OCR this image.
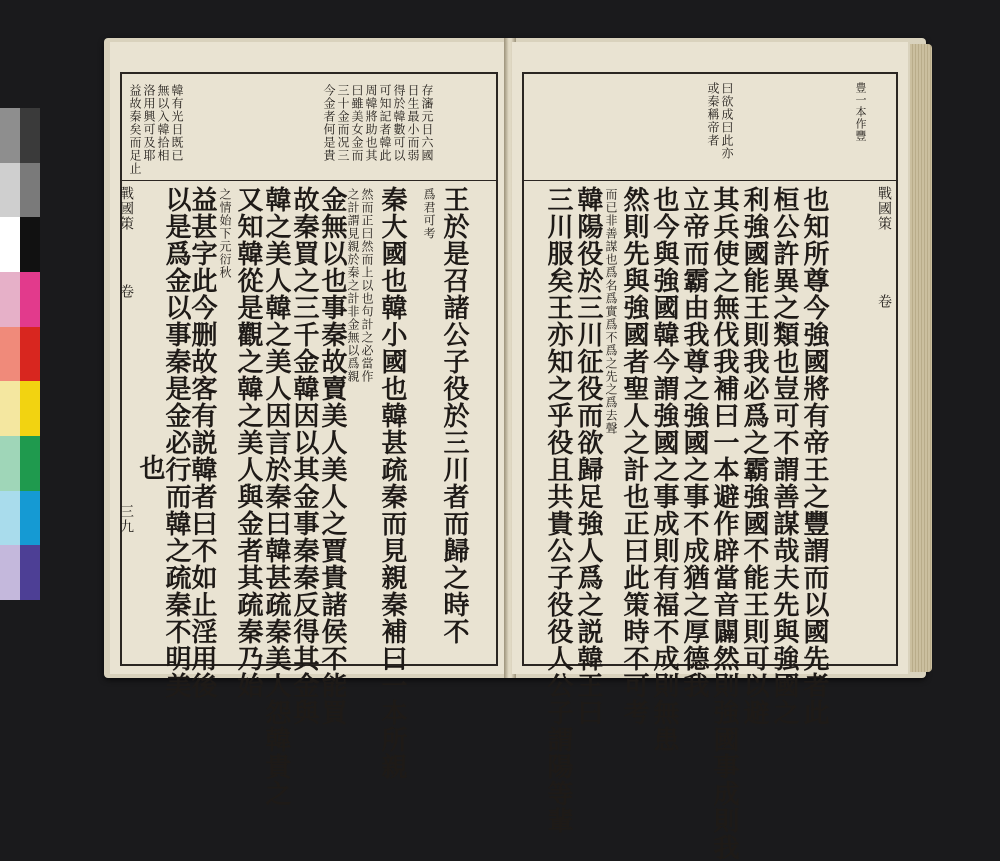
益故秦矣而足止 洛用興可及耶 無以入韓拾相 韓有光日既已	今金者何是貴 三十金而况三 曰雖美女金而 周韓將助也其 可知記者韓此 得於韓數可以 日生最小而弱 存瀋元日六國
戰國策
卷
三九
也
以是爲金以事秦是金必行而韓之疏秦不明美
益甚字此今删故客有説韓者曰不如止淫用後 之情始下元衍秋 又知韓從是觀之韓之美人與金者其疏秦乃始
韓之美人韓之美人因言於秦曰韓甚疏秦美人怨韓貴之
故秦買之三千金韓因以其金事秦秦反得其金與
金無以也事秦故賣美人美人之賈貴諸侯不能買 之計謂見親於秦之計非金無以爲親 然而正曰然而上以也句計之必當作 秦大國也韓小國也韓甚疏秦而見親秦補曰一本所親 爲君可考 王於是召諸公子役於三川者而歸之時不
或秦稱帝者 曰欲成曰此亦	豊一本作豐
三川服矣王亦知之乎役且共貴公子役役人公子謂陽等輩 韓陽役於三川征役而欲歸足強人爲之説韓王曰 而已非善謀也爲名爲實爲不爲之先之爲去聲 然則先與強國者聖人之計也正曰此策時不可考 也今與強國韓今謂強國之事成則有福不成則無患 立帝而霸由我尊之強國之事不成猶之厚德我 其兵使之無伐我補曰一本避作辟當音闢然則強國事成則我 利強國能王則我必爲之霸強國不能王則可以避 桓公許異之類也豈可不謂善謀哉夫先與強國之 也知所尊今強國將有帝王之豐謂而以國先者此	戰國策
卷
